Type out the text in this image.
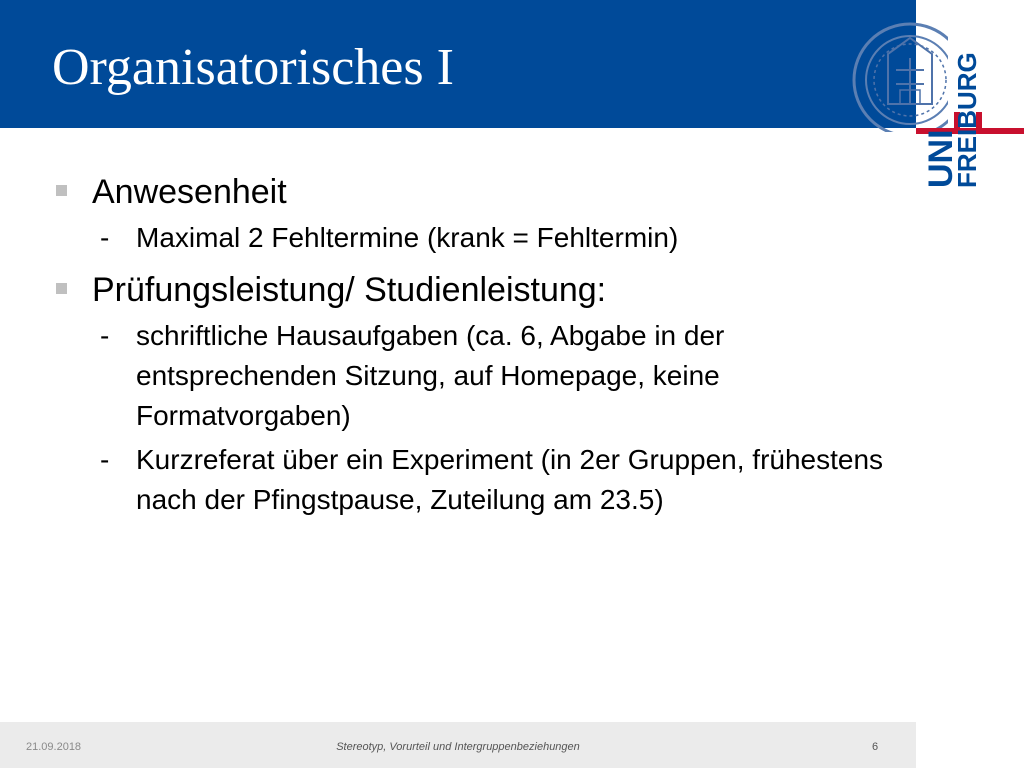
Organisatorisches I
UNI
FREIBURG
Anwesenheit
- Maximal 2 Fehltermine (krank = Fehltermin)
Prüfungsleistung/ Studienleistung:
- schriftliche Hausaufgaben (ca. 6, Abgabe in der entsprechenden Sitzung, auf Homepage, keine Formatvorgaben)
- Kurzreferat über ein Experiment (in 2er Gruppen, frühestens nach der Pfingstpause, Zuteilung am 23.5)
21.09.2018	Stereotyp, Vorurteil und Intergruppenbeziehungen	6
